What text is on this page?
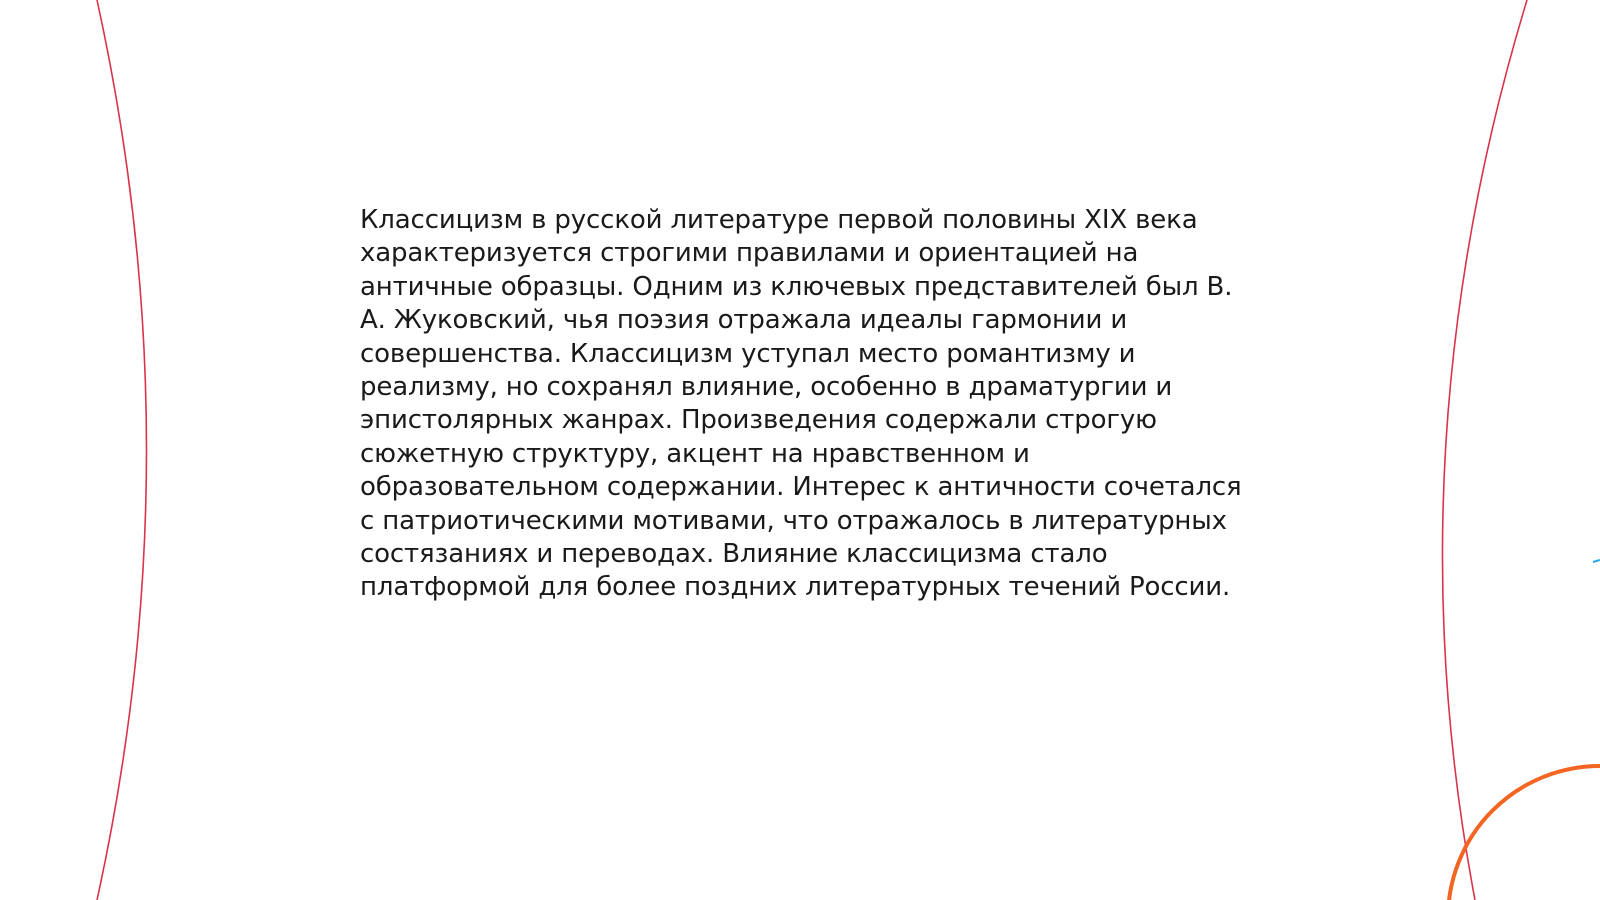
Классицизм в русской литературе первой половины XIX века характеризуется строгими правилами и ориентацией на античные образцы. Одним из ключевых представителей был В. А. Жуковский, чья поэзия отражала идеалы гармонии и совершенства. Классицизм уступал место романтизму и реализму, но сохранял влияние, особенно в драматургии и эпистолярных жанрах. Произведения содержали строгую сюжетную структуру, акцент на нравственном и образовательном содержании. Интерес к античности сочетался с патриотическими мотивами, что отражалось в литературных состязаниях и переводах. Влияние классицизма стало платформой для более поздних литературных течений России.
